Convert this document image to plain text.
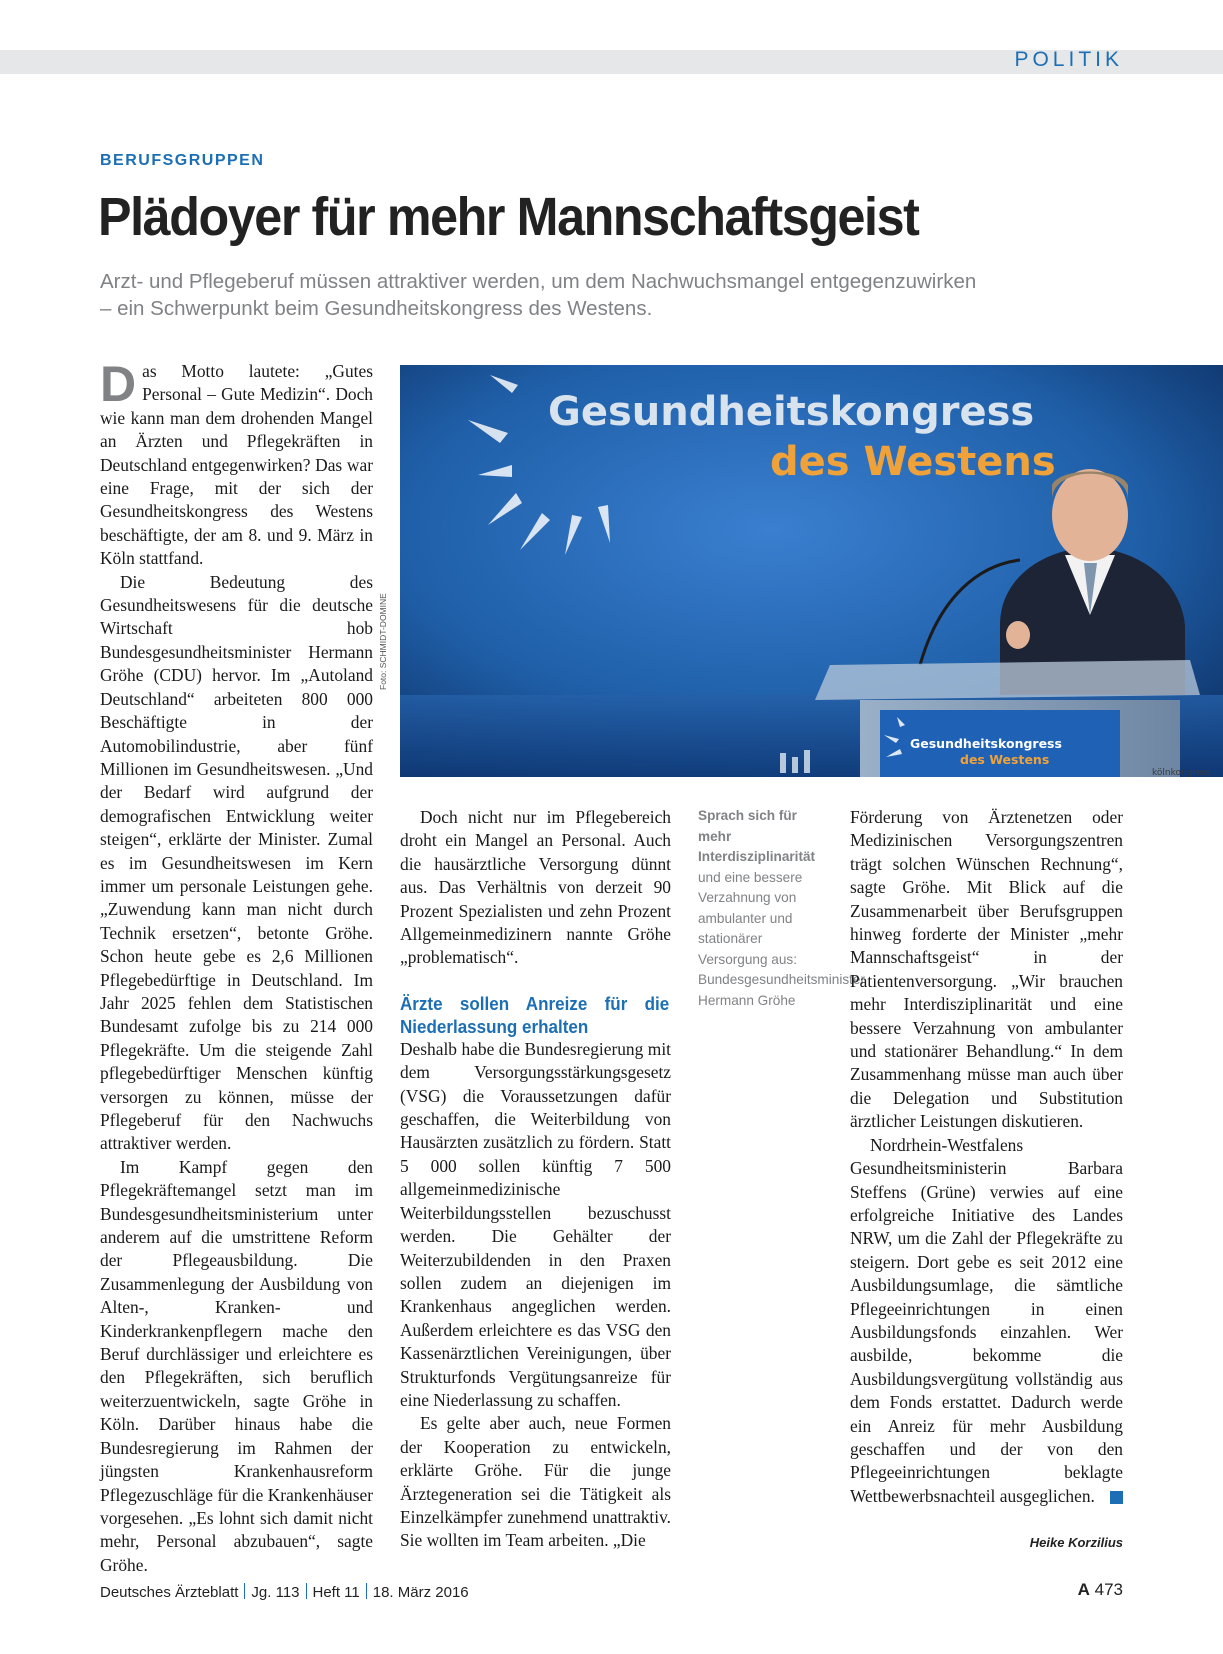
POLITIK
BERUFSGRUPPEN
Plädoyer für mehr Mannschaftsgeist
Arzt- und Pflegeberuf müssen attraktiver werden, um dem Nachwuchsmangel entgegenzuwirken – ein Schwerpunkt beim Gesundheitskongress des Westens.
D as Motto lautete: „Gutes Personal – Gute Medizin“. Doch wie kann man dem drohenden Mangel an Ärzten und Pflegekräften in Deutschland entgegenwirken? Das war eine Frage, mit der sich der Gesundheitskongress des Westens beschäftigte, der am 8. und 9. März in Köln stattfand.

Die Bedeutung des Gesundheitswesens für die deutsche Wirtschaft hob Bundesgesundheitsminister Hermann Gröhe (CDU) hervor. Im „Autoland Deutschland“ arbeiteten 800 000 Beschäftigte in der Automobilindustrie, aber fünf Millionen im Gesundheitswesen. „Und der Bedarf wird aufgrund der demografischen Entwicklung weiter steigen“, erklärte der Minister. Zumal es im Gesundheitswesen im Kern immer um personale Leistungen gehe. „Zuwendung kann man nicht durch Technik ersetzen“, betonte Gröhe. Schon heute gebe es 2,6 Millionen Pflegebedürftige in Deutschland. Im Jahr 2025 fehlen dem Statistischen Bundesamt zufolge bis zu 214 000 Pflegekräfte. Um die steigende Zahl pflegebedürftiger Menschen künftig versorgen zu können, müsse der Pflegeberuf für den Nachwuchs attraktiver werden.

Im Kampf gegen den Pflegekräftemangel setzt man im Bundesgesundheitsministerium unter anderem auf die umstrittene Reform der Pflegeausbildung. Die Zusammenlegung der Ausbildung von Alten-, Kranken- und Kinderkrankenpflegern mache den Beruf durchlässiger und erleichtere es den Pflegekräften, sich beruflich weiterzuentwickeln, sagte Gröhe in Köln. Darüber hinaus habe die Bundesregierung im Rahmen der jüngsten Krankenhausreform Pflegezuschläge für die Krankenhäuser vorgesehen. „Es lohnt sich damit nicht mehr, Personal abzubauen“, sagte Gröhe.

Foto: SCHMIDT-DOMINE
Gesundheitskongress
des Westens
Gesundheitskongress
des Westens
kölnkongress
Sprach sich für mehr Interdisziplinarität und eine bessere Verzahnung von ambulanter und stationärer Versorgung aus: Bundesgesundheitsminister Hermann Gröhe

Doch nicht nur im Pflegebereich droht ein Mangel an Personal. Auch die hausärztliche Versorgung dünnt aus. Das Verhältnis von derzeit 90 Prozent Spezialisten und zehn Prozent Allgemeinmedizinern nannte Gröhe „problematisch“.

Ärzte sollen Anreize für die Niederlassung erhalten

Deshalb habe die Bundesregierung mit dem Versorgungsstärkungsgesetz (VSG) die Voraussetzungen dafür geschaffen, die Weiterbildung von Hausärzten zusätzlich zu fördern. Statt 5 000 sollen künftig 7 500 allgemeinmedizinische Weiterbildungsstellen bezuschusst werden. Die Gehälter der Weiterzubildenden in den Praxen sollen zudem an diejenigen im Krankenhaus angeglichen werden. Außerdem erleichtere es das VSG den Kassenärztlichen Vereinigungen, über Strukturfonds Vergütungsanreize für eine Niederlassung zu schaffen.

Es gelte aber auch, neue Formen der Kooperation zu entwickeln, erklärte Gröhe. Für die junge Ärztegeneration sei die Tätigkeit als Einzelkämpfer zunehmend unattraktiv. Sie wollten im Team arbeiten. „Die

Förderung von Ärztenetzen oder Medizinischen Versorgungszentren trägt solchen Wünschen Rechnung“, sagte Gröhe. Mit Blick auf die Zusammenarbeit über Berufsgruppen hinweg forderte der Minister „mehr Mannschaftsgeist“ in der Patientenversorgung. „Wir brauchen mehr Interdisziplinarität und eine bessere Verzahnung von ambulanter und stationärer Behandlung.“ In dem Zusammenhang müsse man auch über die Delegation und Substitution ärztlicher Leistungen diskutieren.

Nordrhein-Westfalens Gesundheitsministerin Barbara Steffens (Grüne) verwies auf eine erfolgreiche Initiative des Landes NRW, um die Zahl der Pflegekräfte zu steigern. Dort gebe es seit 2012 eine Ausbildungsumlage, die sämtliche Pflegeeinrichtungen in einen Ausbildungsfonds einzahlen. Wer ausbilde, bekomme die Ausbildungsvergütung vollständig aus dem Fonds erstattet. Dadurch werde ein Anreiz für mehr Ausbildung geschaffen und der von den Pflegeeinrichtungen beklagte Wettbewerbsnachteil ausgeglichen.

Heike Korzilius
Deutsches Ärzteblatt Jg. 113 Heft 11 18. März 2016	A 473
